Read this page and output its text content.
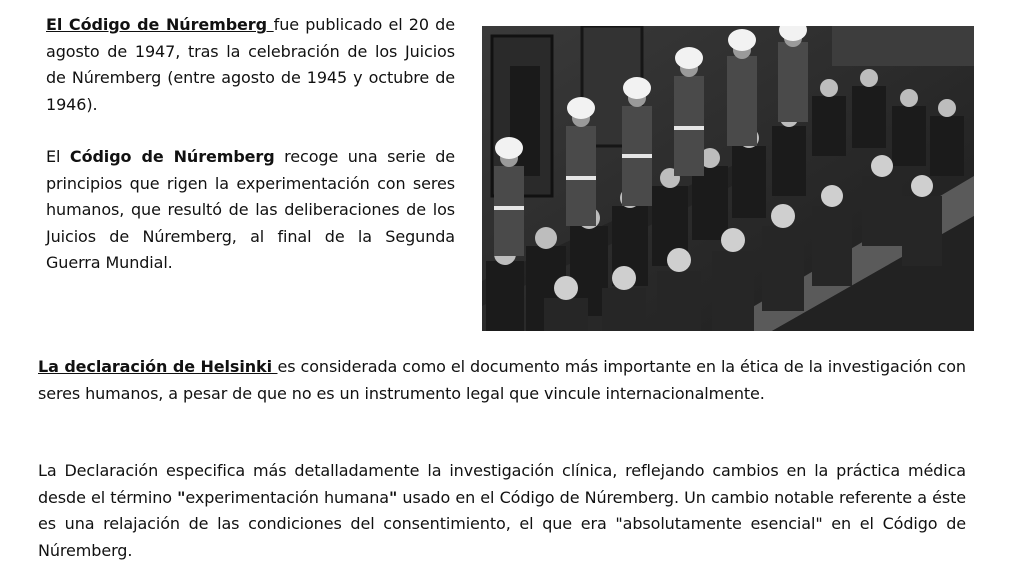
El Código de Núremberg fue publicado el 20 de agosto de 1947, tras la celebración de los Juicios de Núremberg (entre agosto de 1945 y octubre de 1946).

El Código de Núremberg recoge una serie de principios que rigen la experimentación con seres humanos, que resultó de las deliberaciones de los Juicios de Núremberg, al final de la Segunda Guerra Mundial.

La declaración de Helsinki es considerada como el documento más importante en la ética de la investigación con seres humanos, a pesar de que no es un instrumento legal que vincule internacionalmente.

La Declaración especifica más detalladamente la investigación clínica, reflejando cambios en la práctica médica desde el término "experimentación humana" usado en el Código de Núremberg. Un cambio notable referente a éste es una relajación de las condiciones del consentimiento, el que era "absolutamente esencial" en el Código de Núremberg.
